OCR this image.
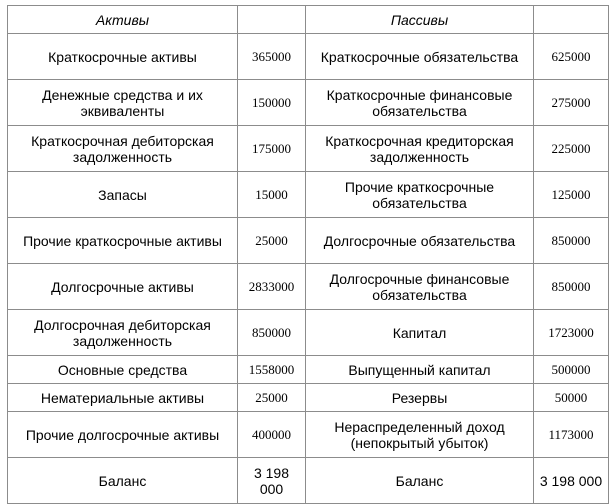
Активы		Пассивы	
Краткосрочные активы	365000	Краткосрочные обязательства	625000
Денежные средства и их эквиваленты	150000	Краткосрочные финансовые обязательства	275000
Краткосрочная дебиторская задолженность	175000	Краткосрочная кредиторская задолженность	225000
Запасы	15000	Прочие краткосрочные обязательства	125000
Прочие краткосрочные активы	25000	Долгосрочные обязательства	850000
Долгосрочные активы	2833000	Долгосрочные финансовые обязательства	850000
Долгосрочная дебиторская задолженность	850000	Капитал	1723000
Основные средства	1558000	Выпущенный капитал	500000
Нематериальные активы	25000	Резервы	50000
Прочие долгосрочные активы	400000	Нераспределенный доход (непокрытый убыток)	1173000
Баланс	3 198 000	Баланс	3 198 000
